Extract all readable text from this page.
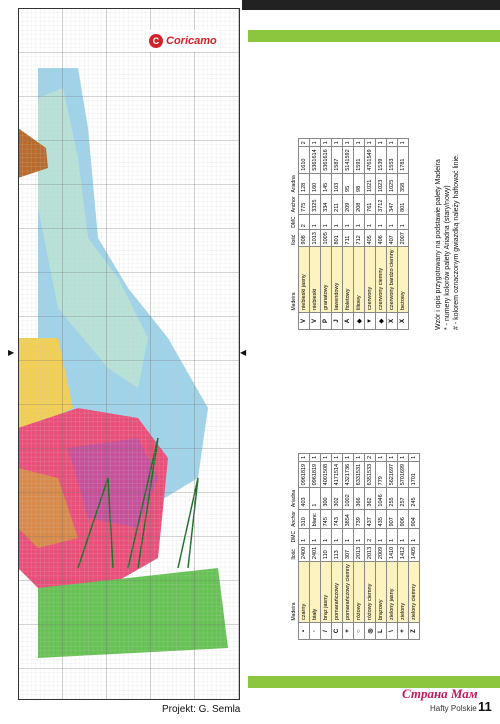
◀
▶
C Coricamo
	Madeira	Ilość	DMC	Anchor	Ariadna		
▪	czarny	2400	1	310	403	0961819	1
·	biały	2401	1	blanc	1	0961819	1
/	brąz jasny	110	1	745	300	4001508	1
C	pomarańczowy	113	1	743	302	4171514	1
+	pomarańczowy ciemny	307	1	3854	1002	4321736	1
○	różowy	2013	1	739	366	6331531	1
◎	różowy ciemny	2013	2	437	362	6351533	2
L	brązowy	2009	1	435	1046	779	1
\	zielony jasny	1410	1	907	255	5621697	1
+	zielony	1412	1	906	257	5701699	1
Z	zielony ciemny	1405	1	904	245	1701	1
	Madeira	Ilość	DMC	Anchor	Ariadna		
V	niebieski jasny	908	2	775	128	1610	2
V	niebieski	1013	1	3325	160	5361614	1
P	granatowy	1005	1	334	145	5361616	1
J	lawendowy	801	1	211	103	1587	1
A	fioletowy	711	1	209	95	5141592	1
◆	liliowy	712	1	208	98	1591	1
▼	czerwony	405	1	761	1021	4761549	1
◆	czerwony ciemny	406	1	3712	1023	1539	1
X	czerwony bardzo ciemny	407	1	347	1025	1553	1
X	beżowy	2007	1	801	358	1781	1
Wzór i opis przygotowany na podstawie palety Madeira * - numery kolorów palety Ariadna (stary/nowy) # - kolorem oznaczonym gwiazdką należy haftować linie.
Projekt: G. Semla
Страна Мам
Hafty Polskie 11
